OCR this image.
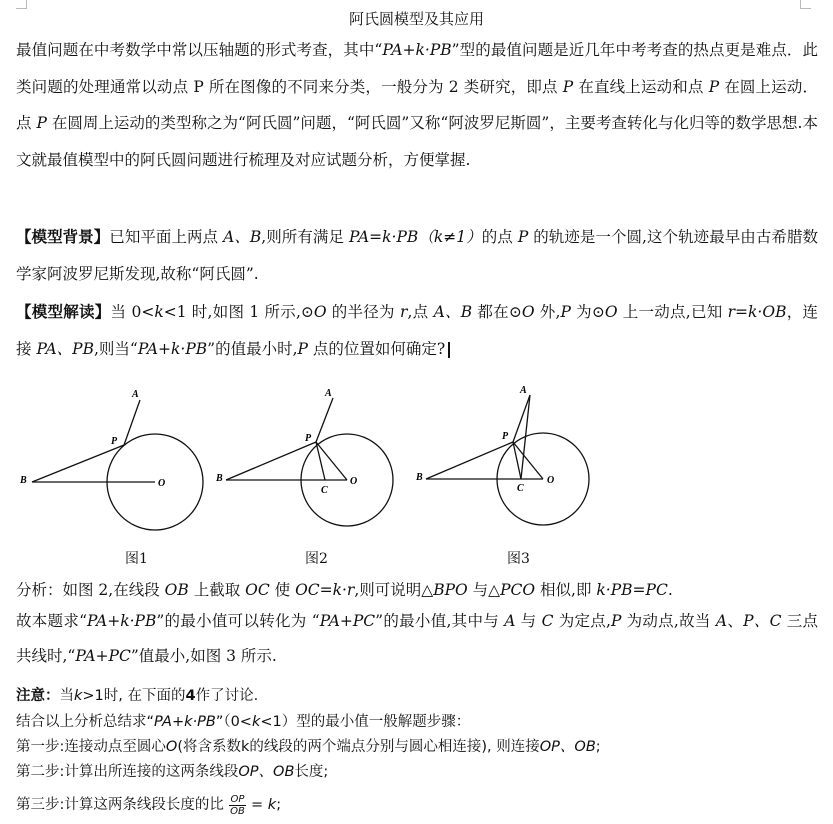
阿氏圆模型及其应用
最值问题在中考数学中常以压轴题的形式考查，其中“PA+k·PB”型的最值问题是近几年中考考查的热点更是难点．此类问题的处理通常以动点 P 所在图像的不同来分类，一般分为 2 类研究，即点 P 在直线上运动和点 P 在圆上运动．点 P 在圆周上运动的类型称之为“阿氏圆”问题，“阿氏圆”又称“阿波罗尼斯圆”，主要考查转化与化归等的数学思想.本文就最值模型中的阿氏圆问题进行梳理及对应试题分析，方便掌握.
【模型背景】已知平面上两点 A、B,则所有满足 PA=k·PB（k≠1）的点 P 的轨迹是一个圆,这个轨迹最早由古希腊数学家阿波罗尼斯发现,故称“阿氏圆”.
【模型解读】当 0<k<1 时,如图 1 所示,⊙O 的半径为 r,点 A、B 都在⊙O 外,P 为⊙O 上一动点,已知 r=k·OB，连接 PA、PB,则当“PA+k·PB”的值最小时,P 点的位置如何确定?
A
P
B	O
图1
A
P
B	O
C
图2
A
P
B	O
C
图3
分析：如图 2,在线段 OB 上截取 OC 使 OC=k·r,则可说明△BPO 与△PCO 相似,即 k·PB=PC.
故本题求“PA+k·PB”的最小值可以转化为 “PA+PC”的最小值,其中与 A 与 C 为定点,P 为动点,故当 A、P、C 三点共线时,“PA+PC”值最小,如图 3 所示.
注意：当k>1时, 在下面的4作了讨论.
结合以上分析总结求“PA+k·PB”（0<k<1）型的最小值一般解题步骤：
第一步:连接动点至圆心O(将含系数k的线段的两个端点分别与圆心相连接), 则连接OP、OB;
第二步:计算出所连接的这两条线段OP、OB长度;
第三步:计算这两条线段长度的比 $\frac{OP}{OB} = k$;
